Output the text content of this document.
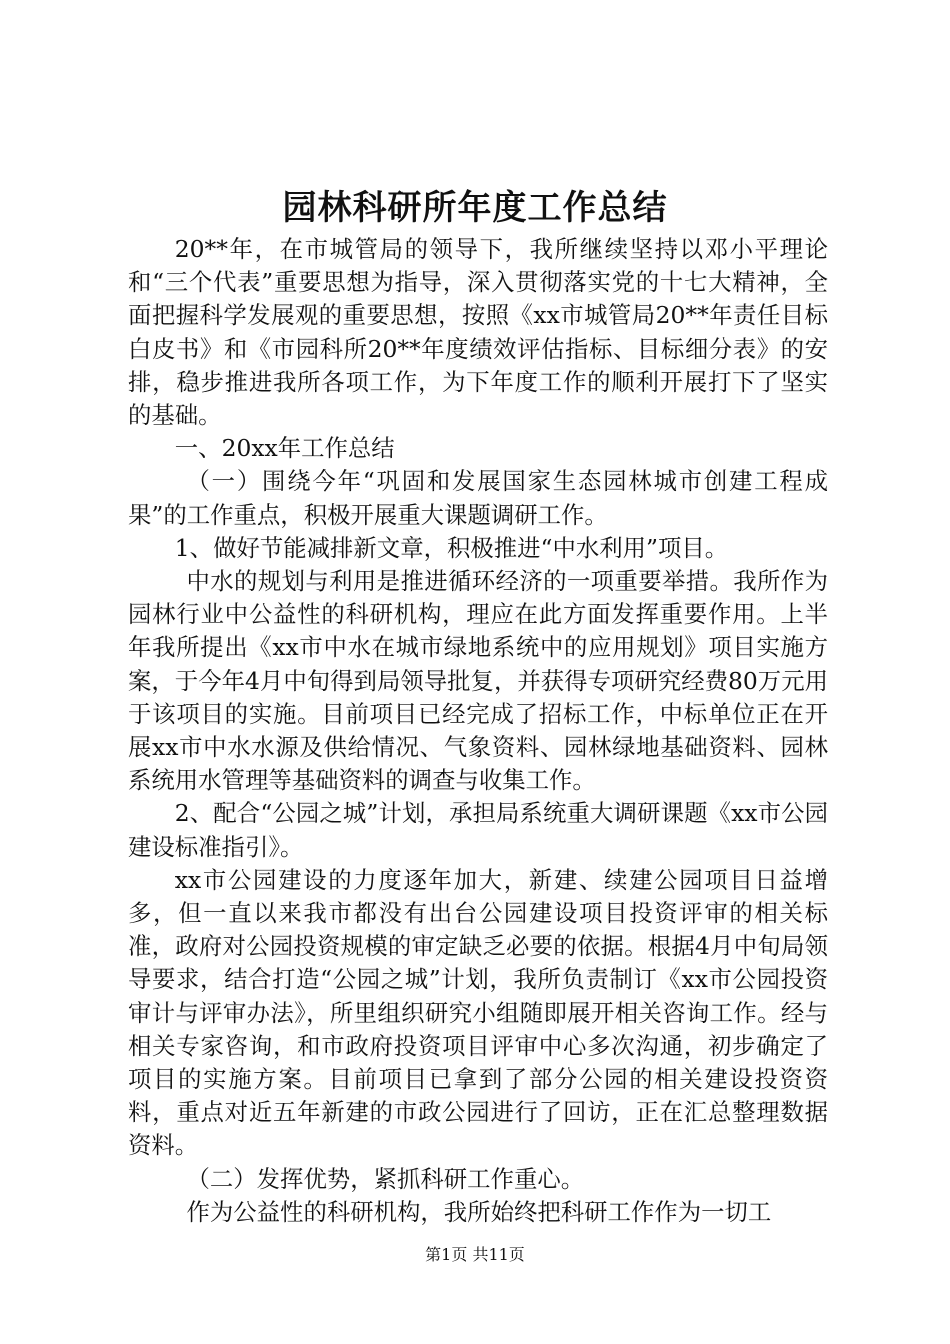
园林科研所年度工作总结

20**年，在市城管局的领导下，我所继续坚持以邓小平理论和“三个代表”重要思想为指导，深入贯彻落实党的十七大精神，全面把握科学发展观的重要思想，按照《xx市城管局20**年责任目标白皮书》和《市园科所20**年度绩效评估指标、目标细分表》的安排，稳步推进我所各项工作，为下年度工作的顺利开展打下了坚实的基础。

一、20xx年工作总结

（一）围绕今年“巩固和发展国家生态园林城市创建工程成果”的工作重点，积极开展重大课题调研工作。

1、做好节能减排新文章，积极推进“中水利用”项目。

中水的规划与利用是推进循环经济的一项重要举措。我所作为园林行业中公益性的科研机构，理应在此方面发挥重要作用。上半年我所提出《xx市中水在城市绿地系统中的应用规划》项目实施方案，于今年4月中旬得到局领导批复，并获得专项研究经费80万元用于该项目的实施。目前项目已经完成了招标工作，中标单位正在开展xx市中水水源及供给情况、气象资料、园林绿地基础资料、园林系统用水管理等基础资料的调查与收集工作。

2、配合“公园之城”计划，承担局系统重大调研课题《xx市公园建设标准指引》。

xx市公园建设的力度逐年加大，新建、续建公园项目日益增多，但一直以来我市都没有出台公园建设项目投资评审的相关标准，政府对公园投资规模的审定缺乏必要的依据。根据4月中旬局领导要求，结合打造“公园之城”计划，我所负责制订《xx市公园投资审计与评审办法》，所里组织研究小组随即展开相关咨询工作。经与相关专家咨询，和市政府投资项目评审中心多次沟通，初步确定了项目的实施方案。目前项目已拿到了部分公园的相关建设投资资料，重点对近五年新建的市政公园进行了回访，正在汇总整理数据资料。

（二）发挥优势，紧抓科研工作重心。

作为公益性的科研机构，我所始终把科研工作作为一切工

第1页 共11页
